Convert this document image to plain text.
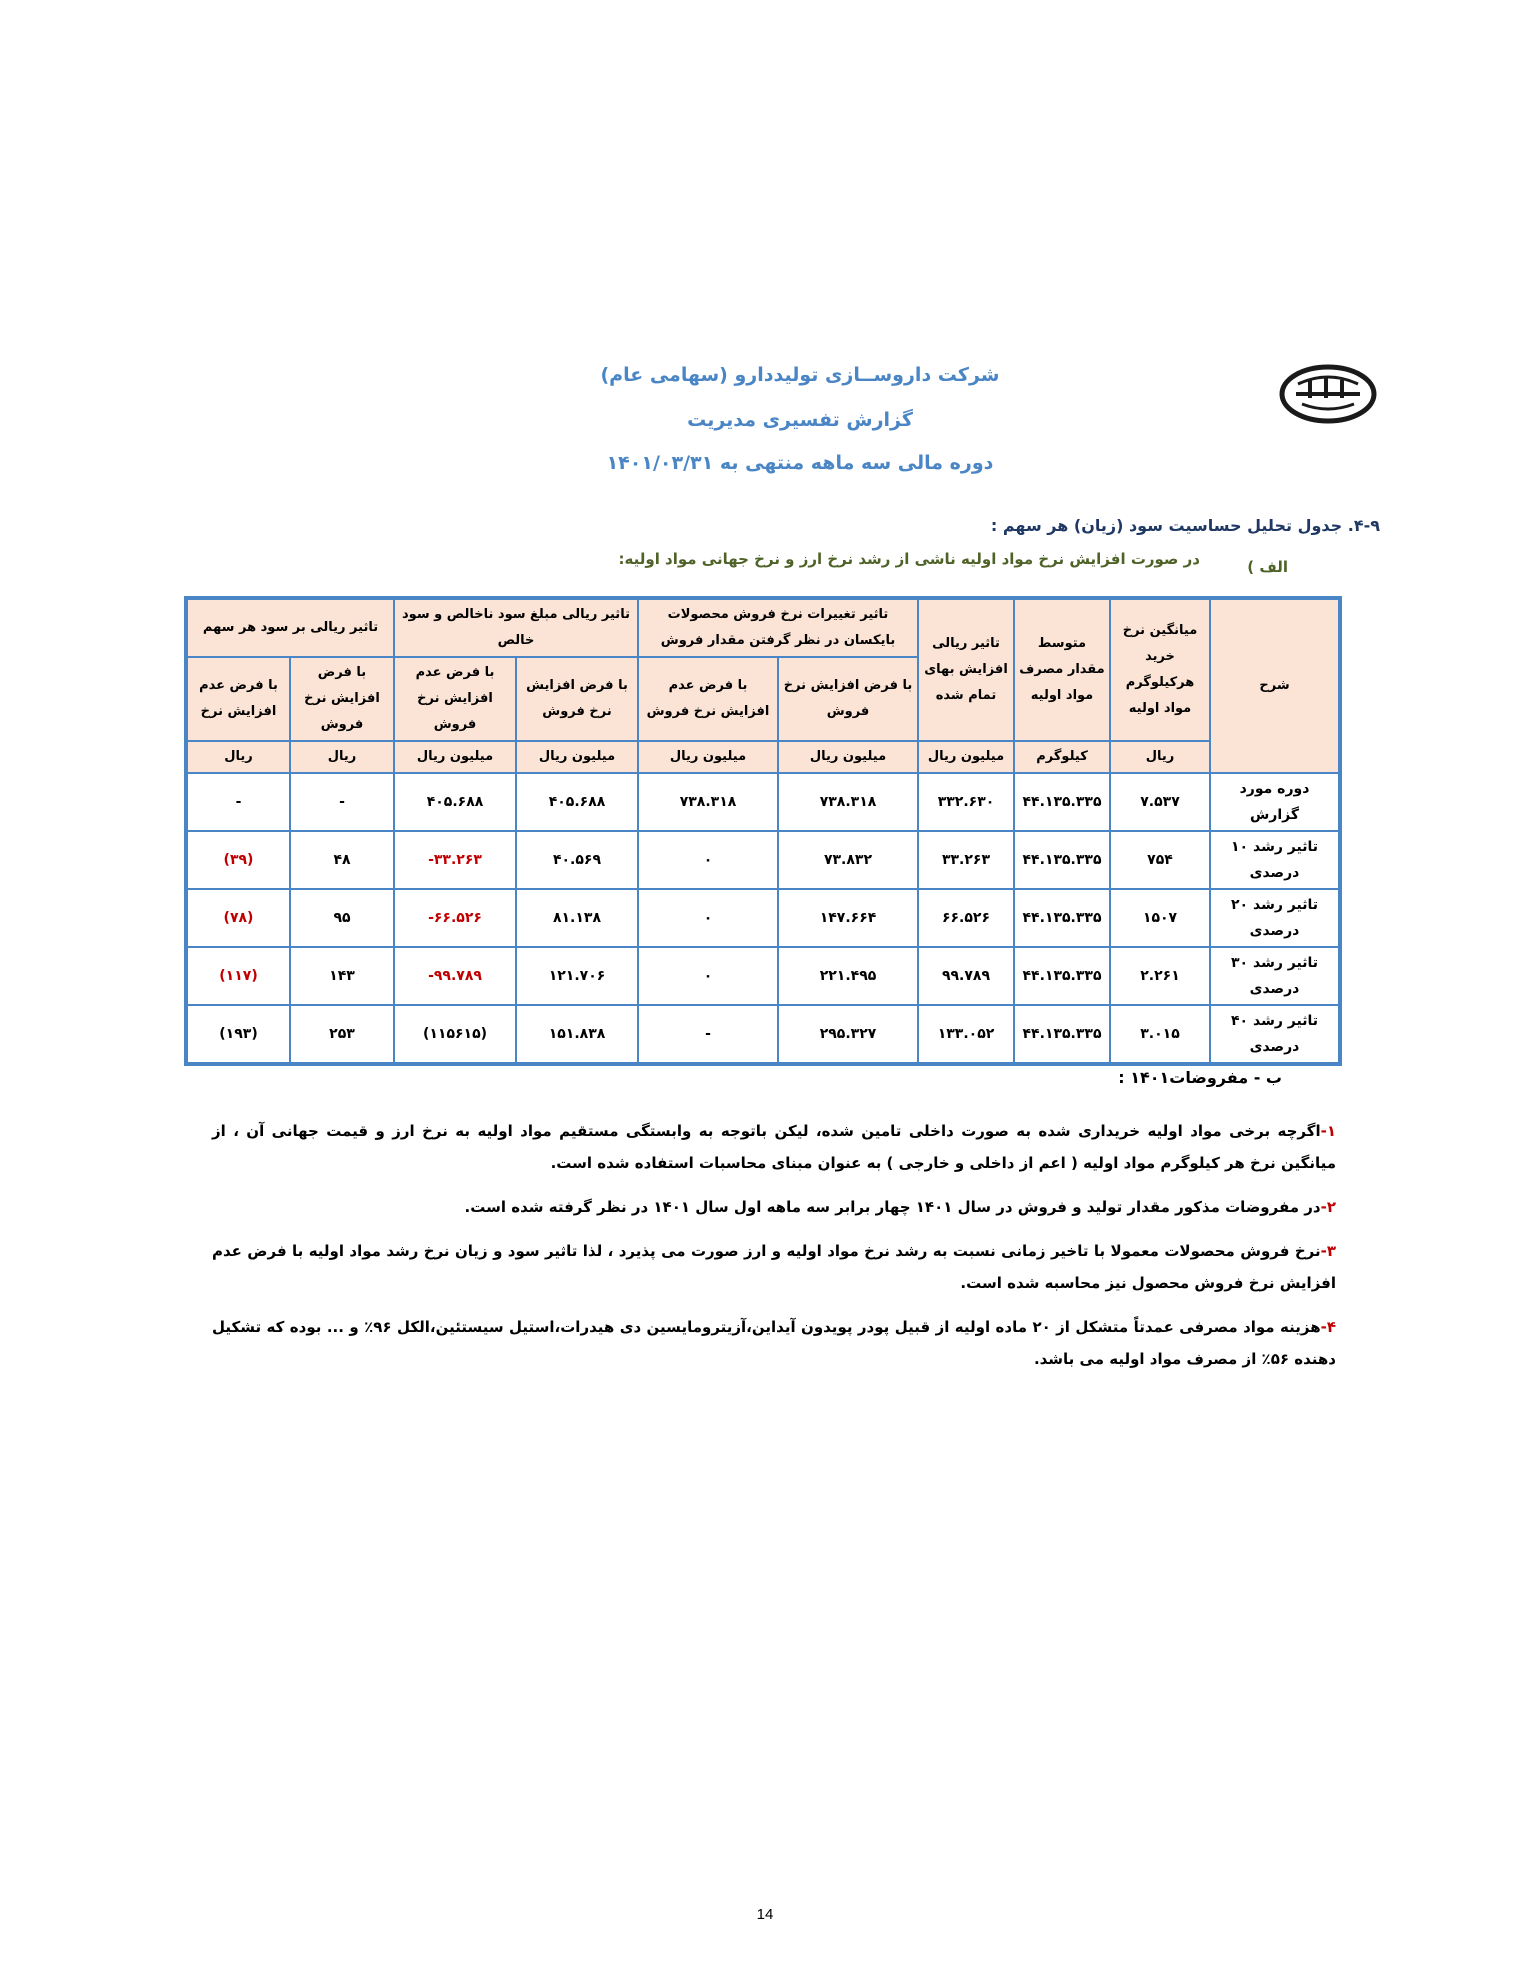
شرکت داروســازی تولیددارو (سهامی عام)
گزارش تفسیری مدیریت
دوره مالی سه ماهه منتهی به ۱۴۰۱/۰۳/۳۱
۴-۹. جدول تحلیل حساسیت سود (زیان) هر سهم :
در صورت افزایش نرخ مواد اولیه ناشی از رشد نرخ ارز و نرخ جهانی مواد اولیه:	الف )
شرح	میانگین نرخ خرید هرکیلوگرم مواد اولیه	متوسط مقدار مصرف مواد اولیه	تاثیر ریالی افزایش بهای تمام شده	تاثیر تغییرات نرخ فروش محصولات بایکسان در نظر گرفتن مقدار فروش		تاثیر ریالی مبلغ سود ناخالص و سود خالص		تاثیر ریالی بر سود هر سهم	
				با فرض افزایش نرخ فروش	با فرض عدم افزایش نرخ فروش	با فرض افزایش نرخ فروش	با فرض عدم افزایش نرخ فروش	با فرض افزایش نرخ فروش	با فرض عدم افزایش نرخ
	ریال	کیلوگرم	میلیون ریال	میلیون ریال	میلیون ریال	میلیون ریال	میلیون ریال	ریال	ریال
دوره مورد گزارش	۷.۵۳۷	۴۴.۱۳۵.۳۳۵	۳۳۲.۶۳۰	۷۳۸.۳۱۸	۷۳۸.۳۱۸	۴۰۵.۶۸۸	۴۰۵.۶۸۸	-	-
تاثیر رشد ۱۰ درصدی	۷۵۴	۴۴.۱۳۵.۳۳۵	۳۳.۲۶۳	۷۳.۸۳۲	۰	۴۰.۵۶۹	۳۳.۲۶۳-	۴۸	(۳۹)
تاثیر رشد ۲۰ درصدی	۱۵۰۷	۴۴.۱۳۵.۳۳۵	۶۶.۵۲۶	۱۴۷.۶۶۴	۰	۸۱.۱۳۸	۶۶.۵۲۶-	۹۵	(۷۸)
تاثیر رشد ۳۰ درصدی	۲.۲۶۱	۴۴.۱۳۵.۳۳۵	۹۹.۷۸۹	۲۲۱.۴۹۵	۰	۱۲۱.۷۰۶	۹۹.۷۸۹-	۱۴۳	(۱۱۷)
تاثیر رشد ۴۰ درصدی	۳.۰۱۵	۴۴.۱۳۵.۳۳۵	۱۳۳.۰۵۲	۲۹۵.۳۲۷	-	۱۵۱.۸۳۸	(۱۱۵۶۱۵)	۲۵۳	(۱۹۳)
ب - مفروضات۱۴۰۱ :

۱-اگرچه برخی مواد اولیه خریداری شده به صورت داخلی تامین شده، لیکن باتوجه به وابستگی مستقیم مواد اولیه به نرخ ارز و قیمت جهانی آن ، از میانگین نرخ هر کیلوگرم مواد اولیه ( اعم از داخلی و خارجی ) به عنوان مبنای محاسبات استفاده شده است.

۲-در مفروضات مذکور مقدار تولید و فروش در سال ۱۴۰۱ چهار برابر سه ماهه اول سال ۱۴۰۱ در نظر گرفته شده است.

۳-نرخ فروش محصولات معمولا با تاخیر زمانی نسبت به رشد نرخ مواد اولیه و ارز صورت می پذیرد ، لذا تاثیر سود و زیان نرخ رشد مواد اولیه با فرض عدم افزایش نرخ فروش محصول نیز محاسبه شده است.

۴-هزینه مواد مصرفی عمدتاً متشکل از ۲۰ ماده اولیه از قبیل پودر پویدون آیداین،آزیترومایسین دی هیدرات،استیل سیستئین،الکل ۹۶٪ و ... بوده که تشکیل دهنده ۵۶٪ از مصرف مواد اولیه می باشد.

14
